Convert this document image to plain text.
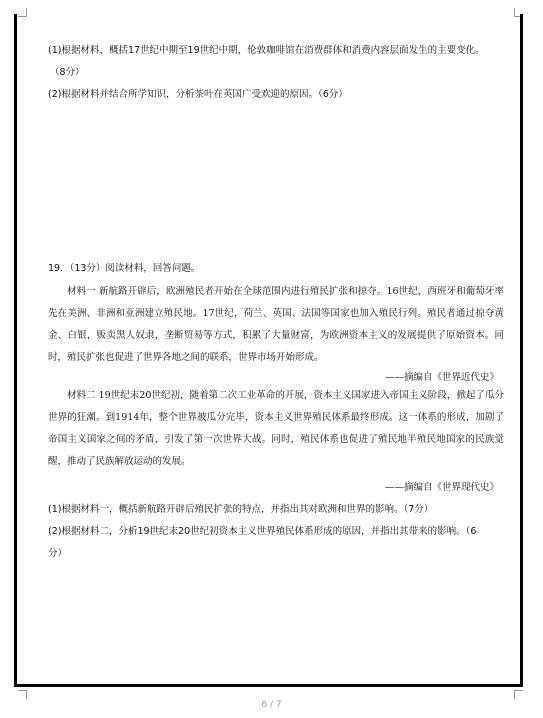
(1)根据材料，概括17世纪中期至19世纪中期，伦敦咖啡馆在消费群体和消费内容层面发生的主要变化。
（8分）
(2)根据材料并结合所学知识，分析茶叶在英国广受欢迎的原因。（6分）
19．（13分）阅读材料，回答问题。
材料一 新航路开辟后，欧洲殖民者开始在全球范围内进行殖民扩张和掠夺。16世纪，西班牙和葡萄牙率先在美洲、非洲和亚洲建立殖民地。17世纪，荷兰、英国、法国等国家也加入殖民行列。殖民者通过掠夺黄金、白银，贩卖黑人奴隶，垄断贸易等方式，积累了大量财富，为欧洲资本主义的发展提供了原始资本。同时，殖民扩张也促进了世界各地之间的联系，世界市场开始形成。
——摘编自《世界近代史》
材料二 19世纪末20世纪初，随着第二次工业革命的开展，资本主义国家进入帝国主义阶段，掀起了瓜分世界的狂潮。到1914年，整个世界被瓜分完毕，资本主义世界殖民体系最终形成。这一体系的形成，加剧了帝国主义国家之间的矛盾，引发了第一次世界大战。同时，殖民体系也促进了殖民地半殖民地国家的民族觉醒，推动了民族解放运动的发展。
——摘编自《世界现代史》
(1)根据材料一，概括新航路开辟后殖民扩张的特点，并指出其对欧洲和世界的影响。（7分）
(2)根据材料二，分析19世纪末20世纪初资本主义世界殖民体系形成的原因，并指出其带来的影响。（6
分）
6 / 7
